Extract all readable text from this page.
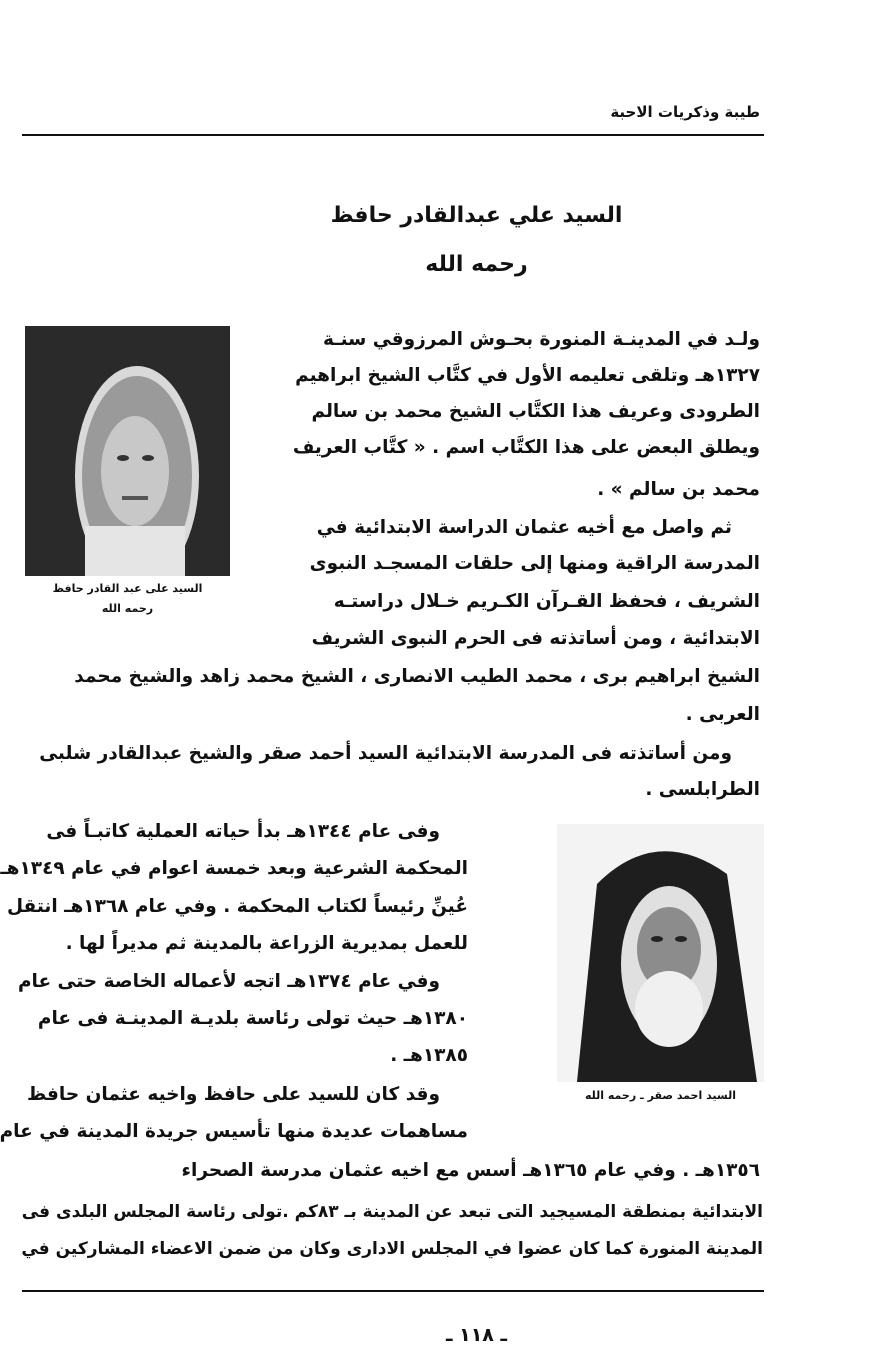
طيبة وذكريات الاحبة
السيد علي عبدالقادر حافظ
رحمه الله
السيد على عبد القادر حافظ
رحمه الله
السيد احمد صقر ـ رحمه الله
ولـد في المدينـة المنورة بحـوش المرزوقي سنـة
١٣٢٧هـ وتلقى تعليمه الأول في كتَّاب الشيخ ابراهيم
الطرودى وعريف هذا الكتَّاب الشيخ محمد بن سالم
ويطلق البعض على هذا الكتَّاب اسم . « كتَّاب العريف
محمد بن سالم » .
ثم واصل مع أخيه عثمان الدراسة الابتدائية في
المدرسة الراقية ومنها إلى حلقات المسجـد النبوى
الشريف ، فحفظ القـرآن الكـريم خـلال دراستـه
الابتدائية ، ومن أساتذته فى الحرم النبوى الشريف
الشيخ ابراهيم برى ، محمد الطيب الانصارى ، الشيخ محمد زاهد والشيخ محمد
العربى .
ومن أساتذته فى المدرسة الابتدائية السيد أحمد صقر والشيخ عبدالقادر شلبى
الطرابلسى .
وفى عام ١٣٤٤هـ بدأ حياته العملية كاتبـاً فى
المحكمة الشرعية وبعد خمسة اعوام في عام ١٣٤٩هـ
عُينِّ رئيساً لكتاب المحكمة . وفي عام ١٣٦٨هـ انتقل
للعمل بمديرية الزراعة بالمدينة ثم مديراً لها .
وفي عام ١٣٧٤هـ اتجه لأعماله الخاصة حتى عام
١٣٨٠هـ حيث تولى رئاسة بلديـة المدينـة فى عام
١٣٨٥هـ .
وقد كان للسيد على حافظ واخيه عثمان حافظ
مساهمات عديدة منها تأسيس جريدة المدينة في عام
١٣٥٦هـ . وفي عام ١٣٦٥هـ أسس مع اخيه عثمان مدرسة الصحراء
الابتدائية بمنطقة المسيجيد التى تبعد عن المدينة بـ ٨٣كم .تولى رئاسة المجلس البلدى فى
المدينة المنورة كما كان عضوا في المجلس الادارى وكان من ضمن الاعضاء المشاركين في
ـ ١١٨ ـ
